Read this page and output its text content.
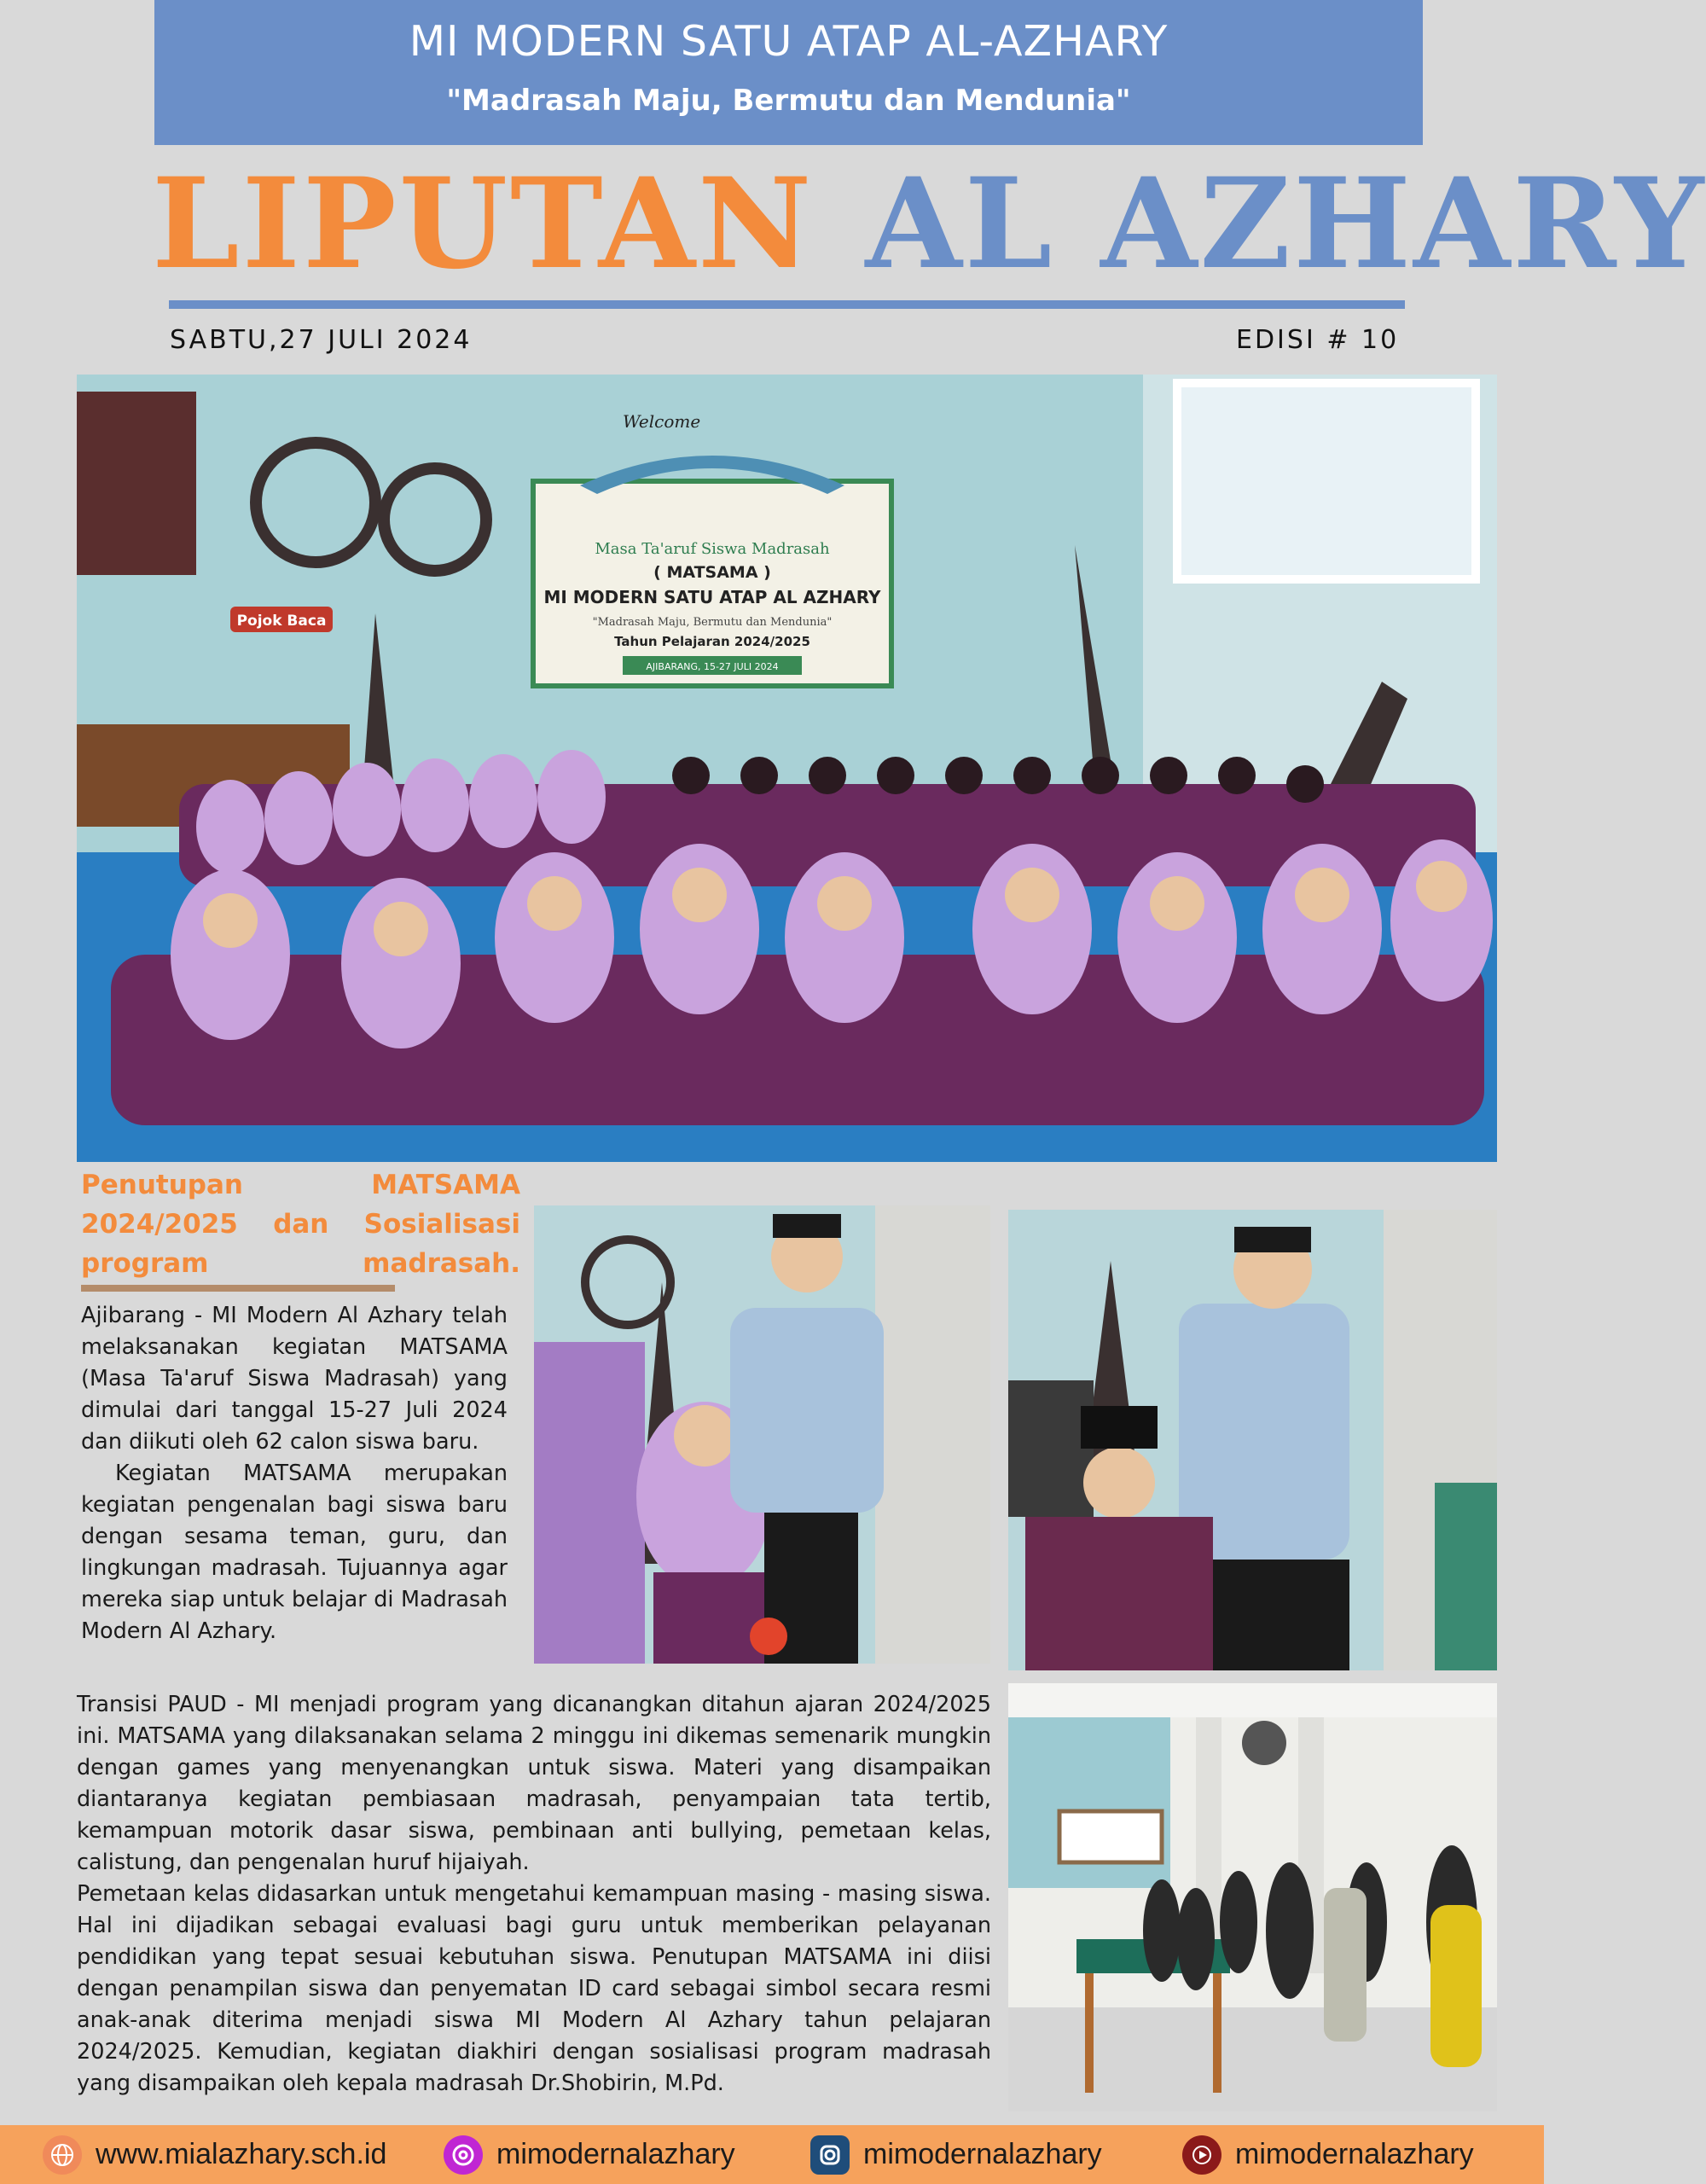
MI MODERN SATU ATAP AL-AZHARY
"Madrasah Maju, Bermutu dan Mendunia"
LIPUTAN AL AZHARY
SABTU,27 JULI 2024	EDISI # 10
Masa Ta'aruf Siswa Madrasah
( MATSAMA )
MI MODERN SATU ATAP AL AZHARY
"Madrasah Maju, Bermutu dan Mendunia"
Tahun Pelajaran 2024/2025
AJIBARANG, 15-27 JULI 2024
Welcome
Pojok Baca
Penutupan MATSAMA 2024/2025 dan Sosialisasi program madrasah.

Ajibarang - MI Modern Al Azhary telah melaksanakan kegiatan MATSAMA (Masa Ta'aruf Siswa Madrasah) yang dimulai dari tanggal 15-27 Juli 2024 dan diikuti oleh 62 calon siswa baru.

Kegiatan MATSAMA merupakan kegiatan pengenalan bagi siswa baru dengan sesama teman, guru, dan lingkungan madrasah. Tujuannya agar mereka siap untuk belajar di Madrasah Modern Al Azhary.

Transisi PAUD - MI menjadi program yang dicanangkan ditahun ajaran 2024/2025 ini. MATSAMA yang dilaksanakan selama 2 minggu ini dikemas semenarik mungkin dengan games yang menyenangkan untuk siswa. Materi yang disampaikan diantaranya kegiatan pembiasaan madrasah, penyampaian tata tertib, kemampuan motorik dasar siswa, pembinaan anti bullying, pemetaan kelas, calistung, dan pengenalan huruf hijaiyah.

Pemetaan kelas didasarkan untuk mengetahui kemampuan masing - masing siswa. Hal ini dijadikan sebagai evaluasi bagi guru untuk memberikan pelayanan pendidikan yang tepat sesuai kebutuhan siswa. Penutupan MATSAMA ini diisi dengan penampilan siswa dan penyematan ID card sebagai simbol secara resmi anak-anak diterima menjadi siswa MI Modern Al Azhary tahun pelajaran 2024/2025. Kemudian, kegiatan diakhiri dengan sosialisasi program madrasah yang disampaikan oleh kepala madrasah Dr.Shobirin, M.Pd.

www.mialazhary.sch.id	mimodernalazhary	mimodernalazhary	mimodernalazhary
